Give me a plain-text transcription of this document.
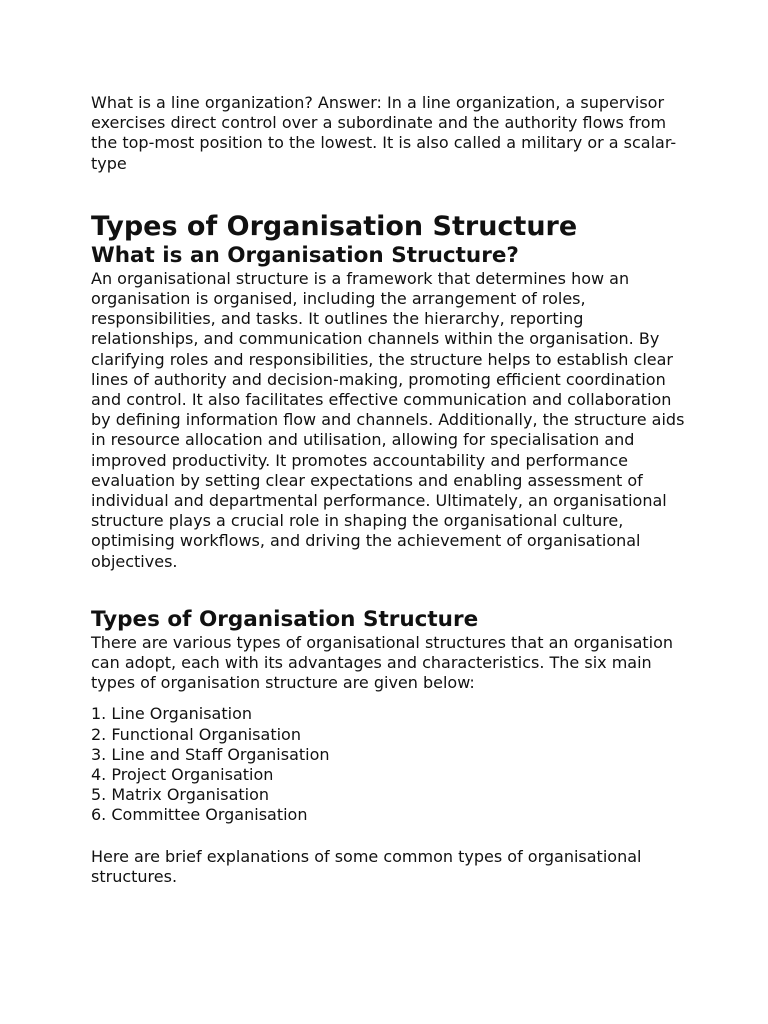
What is a line organization? Answer: In a line organization, a supervisor exercises direct control over a subordinate and the authority flows from the top-most position to the lowest. It is also called a military or a scalar-type

Types of Organisation Structure
What is an Organisation Structure?

An organisational structure is a framework that determines how an organisation is organised, including the arrangement of roles, responsibilities, and tasks. It outlines the hierarchy, reporting relationships, and communication channels within the organisation. By clarifying roles and responsibilities, the structure helps to establish clear lines of authority and decision-making, promoting efficient coordination and control. It also facilitates effective communication and collaboration by defining information flow and channels. Additionally, the structure aids in resource allocation and utilisation, allowing for specialisation and improved productivity. It promotes accountability and performance evaluation by setting clear expectations and enabling assessment of individual and departmental performance. Ultimately, an organisational structure plays a crucial role in shaping the organisational culture, optimising workflows, and driving the achievement of organisational objectives.

Types of Organisation Structure

There are various types of organisational structures that an organisation can adopt, each with its advantages and characteristics. The six main types of organisation structure are given below:

1. Line Organisation
2. Functional Organisation
3. Line and Staff Organisation
4. Project Organisation
5. Matrix Organisation
6. Committee Organisation

Here are brief explanations of some common types of organisational structures.
